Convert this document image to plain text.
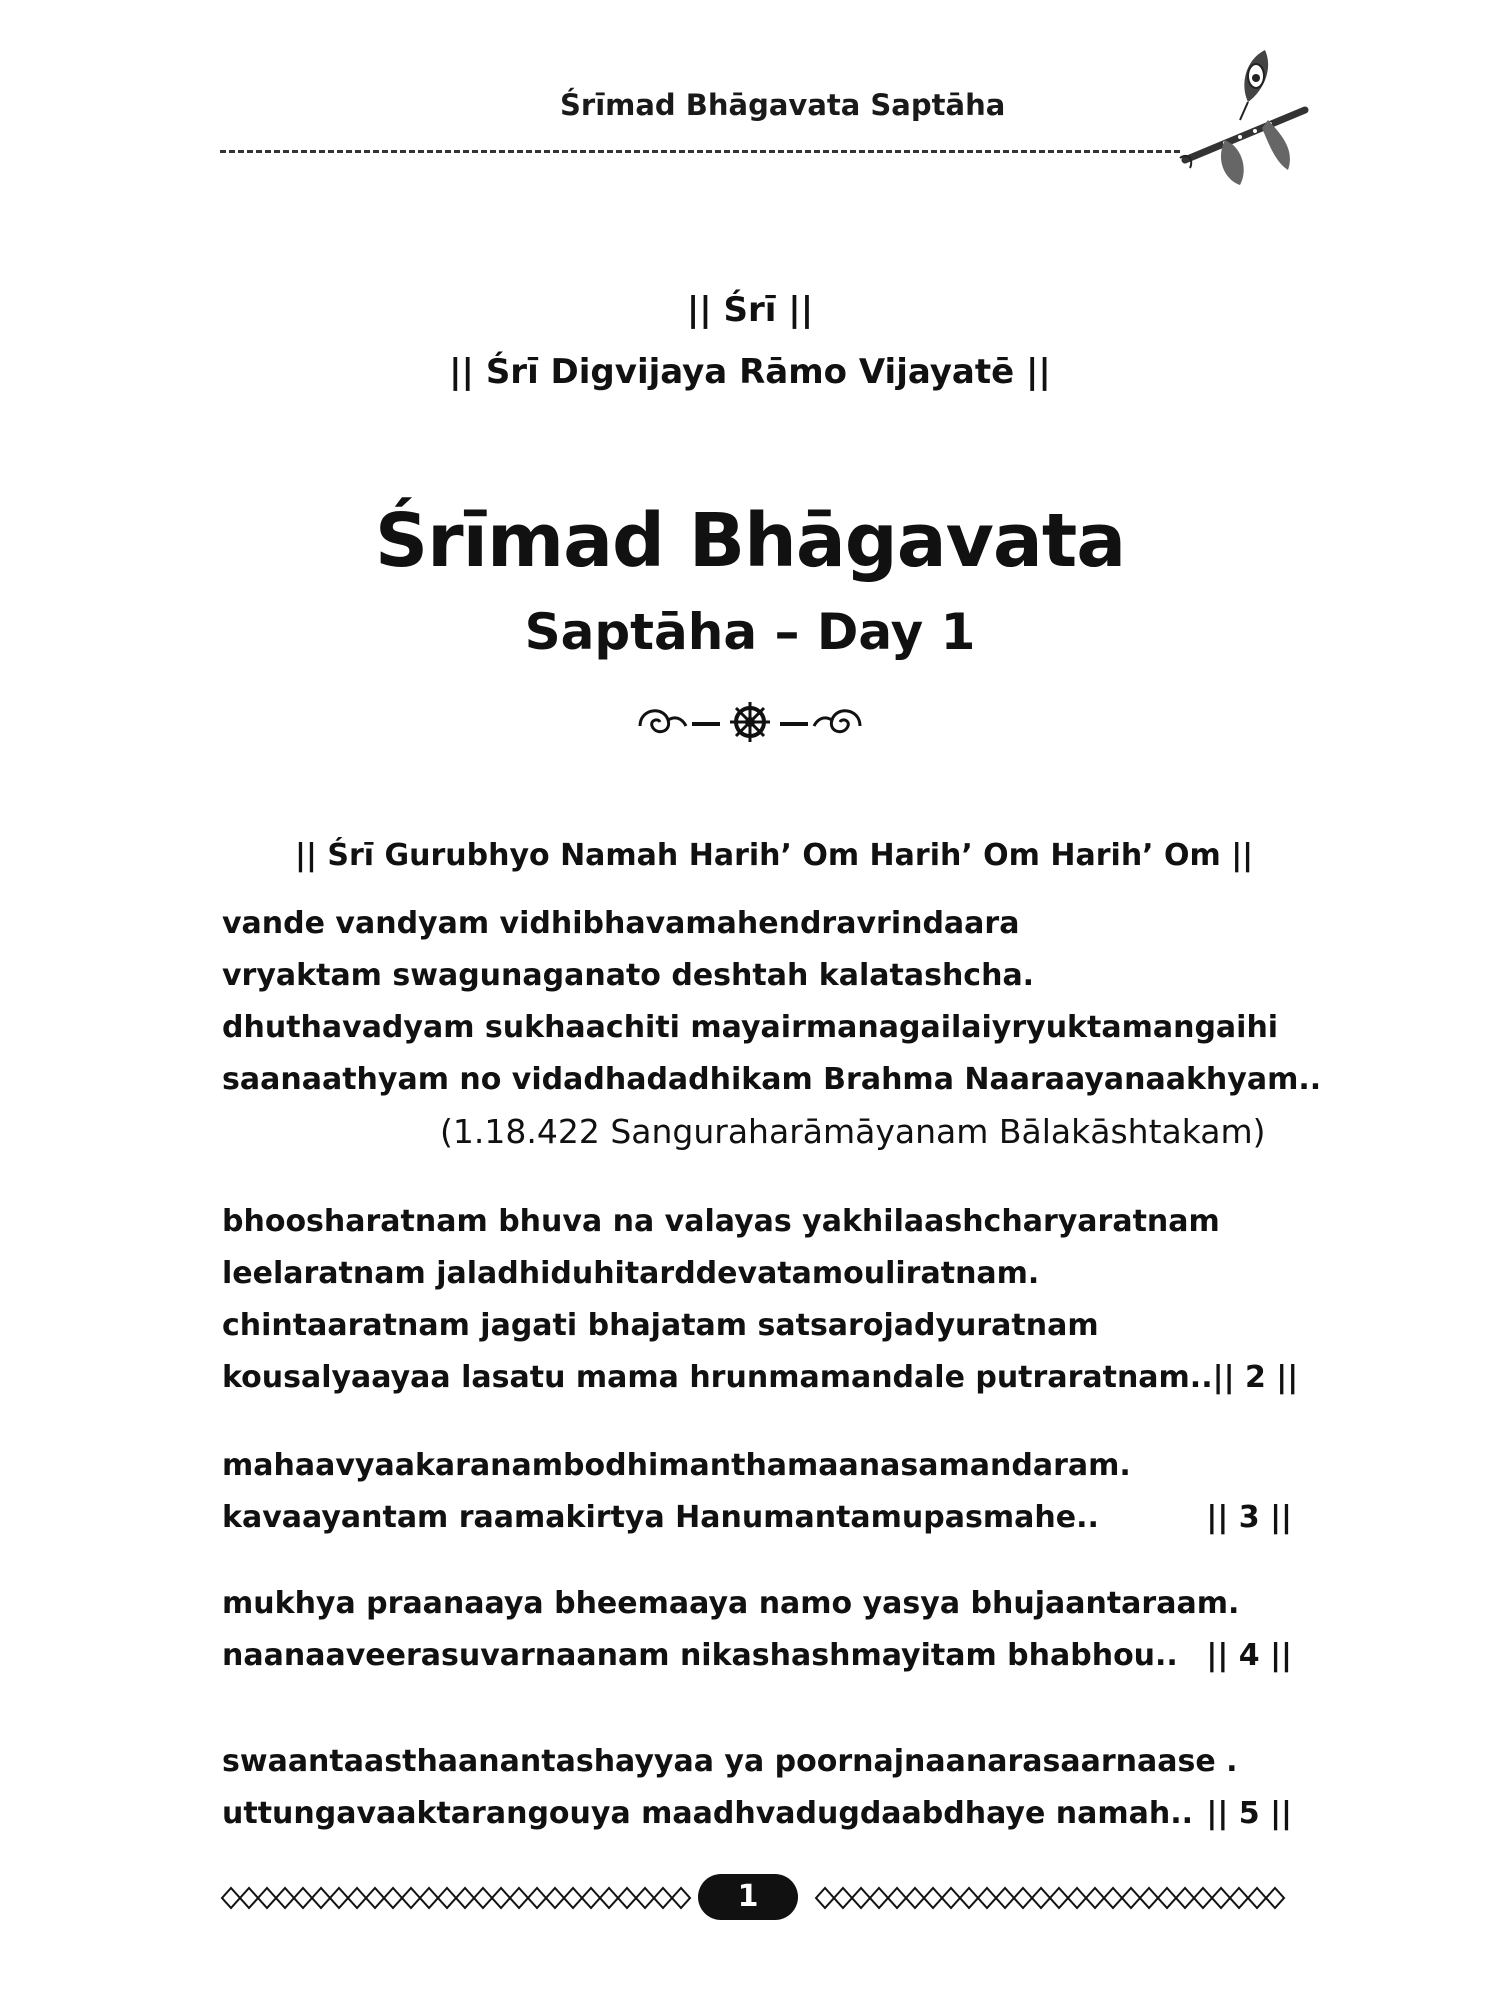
Śrīmad Bhāgavata Saptāha
|| Śrī ||
|| Śrī Digvijaya Rāmo Vijayatē ||
Śrīmad Bhāgavata
Saptāha – Day 1
|| Śrī Gurubhyo Namah Harih’ Om Harih’ Om Harih’ Om ||
vande vandyam vidhibhavamahendravrindaara
vryaktam swagunaganato deshtah kalatashcha.
dhuthavadyam sukhaachiti mayairmanagailaiyryuktamangaihi
saanaathyam no vidadhadadhikam Brahma Naaraayanaakhyam..
(1.18.422 Sanguraharāmāyanam Bālakāshtakam)
bhoosharatnam bhuva na valayas yakhilaashcharyaratnam
leelaratnam jaladhiduhitarddevatamouliratnam.
chintaaratnam jagati bhajatam satsarojadyuratnam
kousalyaayaa lasatu mama hrunmamandale putraratnam.. || 2 ||
mahaavyaakaranambodhimanthamaanasamandaram.
kavaayantam raamakirtya Hanumantamupasmahe..	|| 3 ||
mukhya praanaaya bheemaaya namo yasya bhujaantaraam.
naanaaveerasuvarnaanam nikashashmayitam bhabhou.. || 4 ||
swaantaasthaanantashayyaa ya poornajnaanarasaarnaase .
uttungavaaktarangouya maadhvadugdaabdhaye namah.. || 5 ||
1
